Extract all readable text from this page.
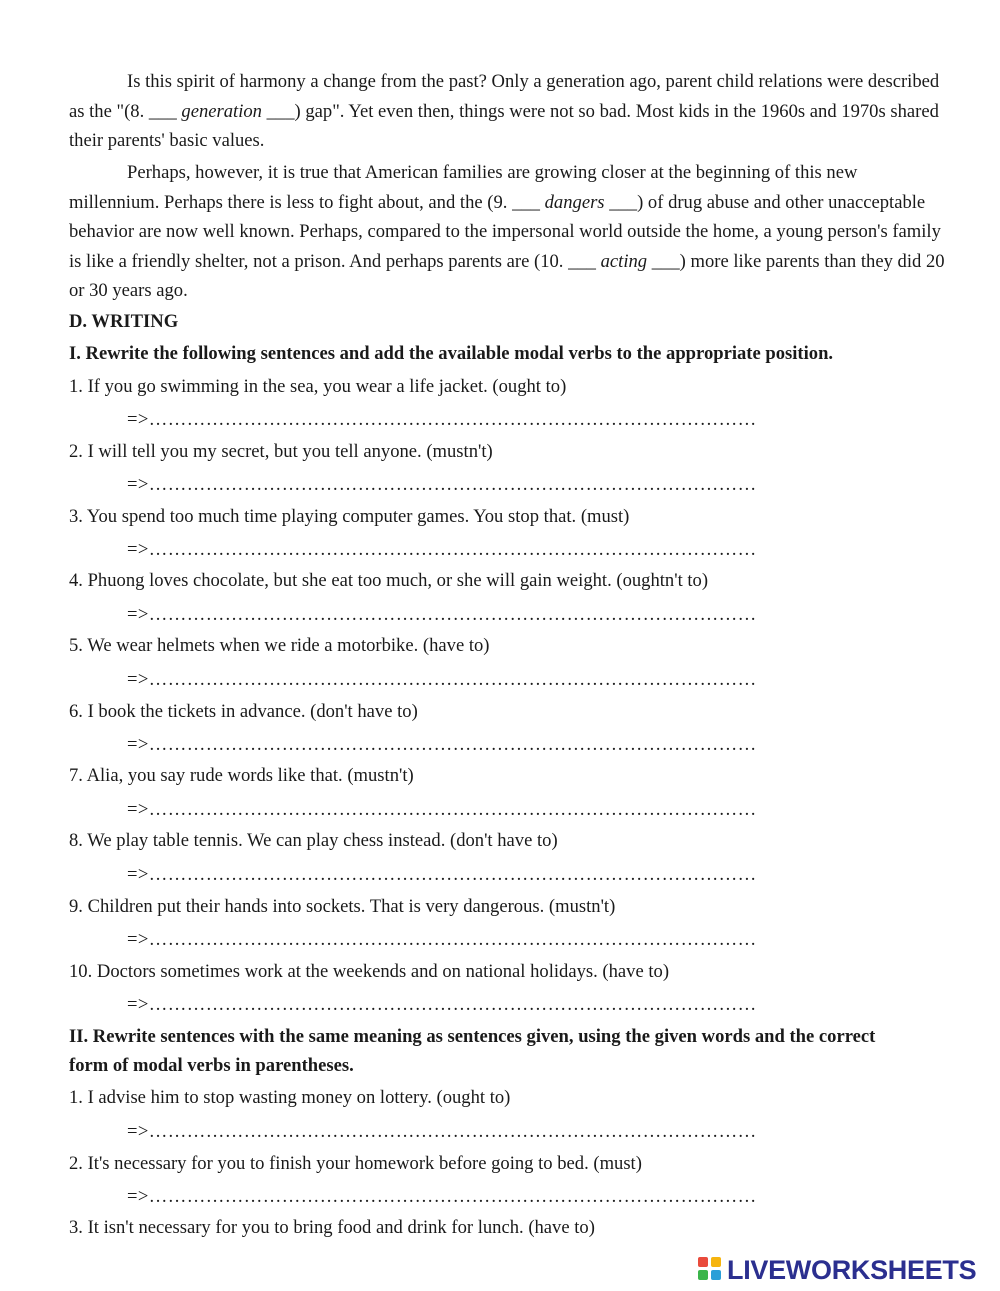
Is this spirit of harmony a change from the past? Only a generation ago, parent child relations were described as the "(8. ___ generation ___) gap". Yet even then, things were not so bad. Most kids in the 1960s and 1970s shared their parents' basic values.

Perhaps, however, it is true that American families are growing closer at the beginning of this new millennium. Perhaps there is less to fight about, and the (9. ___ dangers ___) of drug abuse and other unacceptable behavior are now well known. Perhaps, compared to the impersonal world outside the home, a young person's family is like a friendly shelter, not a prison. And perhaps parents are (10. ___ acting ___) more like parents than they did 20 or 30 years ago.

D. WRITING
I. Rewrite the following sentences and add the available modal verbs to the appropriate position.
1. If you go swimming in the sea, you wear a life jacket. (ought to)
=>……………………………………………………………………………………
2. I will tell you my secret, but you tell anyone. (mustn't)
=>……………………………………………………………………………………
3. You spend too much time playing computer games. You stop that. (must)
=>……………………………………………………………………………………
4. Phuong loves chocolate, but she eat too much, or she will gain weight. (oughtn't to)
=>……………………………………………………………………………………
5. We wear helmets when we ride a motorbike. (have to)
=>……………………………………………………………………………………
6. I book the tickets in advance. (don't have to)
=>……………………………………………………………………………………
7. Alia, you say rude words like that. (mustn't)
=>……………………………………………………………………………………
8. We play table tennis. We can play chess instead. (don't have to)
=>……………………………………………………………………………………
9. Children put their hands into sockets. That is very dangerous. (mustn't)
=>……………………………………………………………………………………
10. Doctors sometimes work at the weekends and on national holidays. (have to)
=>……………………………………………………………………………………
II. Rewrite sentences with the same meaning as sentences given, using the given words and the correct
form of modal verbs in parentheses.
1. I advise him to stop wasting money on lottery. (ought to)
=>……………………………………………………………………………………
2. It's necessary for you to finish your homework before going to bed. (must)
=>……………………………………………………………………………………
3. It isn't necessary for you to bring food and drink for lunch. (have to)
LIVEWORKSHEETS
